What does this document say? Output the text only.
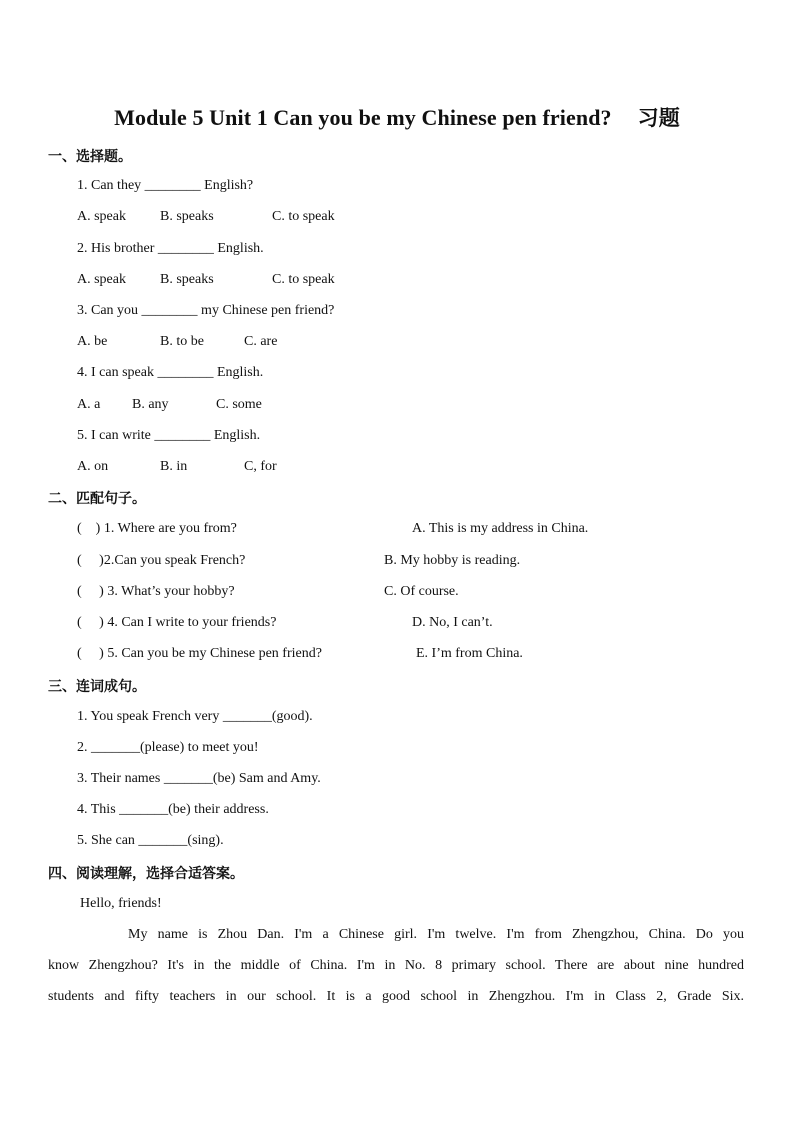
Module 5 Unit 1 Can you be my Chinese pen friend? 习题
一、选择题。
1. Can they ________ English?
A. speak B. speaks	C. to speak
2. His brother ________ English.
A. speak B. speaks	C. to speak
3. Can you ________ my Chinese pen friend?
A. be	B. to be	C. are
4. I can speak ________ English.
A. a B. any	C. some
5. I can write ________ English.
A. on	B. in	C, for
二、匹配句子。
(    ) 1. Where are you from?	A. This is my address in China.
(     )2.Can you speak French?	B. My hobby is reading.
(     ) 3. What’s your hobby?	C. Of course.
(     ) 4. Can I write to your friends?	D. No, I can’t.
(     ) 5. Can you be my Chinese pen friend?	E. I’m from China.
三、连词成句。
1. You speak French very _______(good).
2. _______(please) to meet you!
3. Their names _______(be) Sam and Amy.
4. This _______(be) their address.
5. She can _______(sing).
四、阅读理解，选择合适答案。
Hello, friends!
My name is Zhou Dan. I'm a Chinese girl. I'm twelve. I'm from Zhengzhou, China. Do you
know Zhengzhou? It's in the middle of China. I'm in No. 8 primary school. There are about nine hundred
students and fifty teachers in our school. It is a good school in Zhengzhou. I'm in Class 2, Grade Six.
